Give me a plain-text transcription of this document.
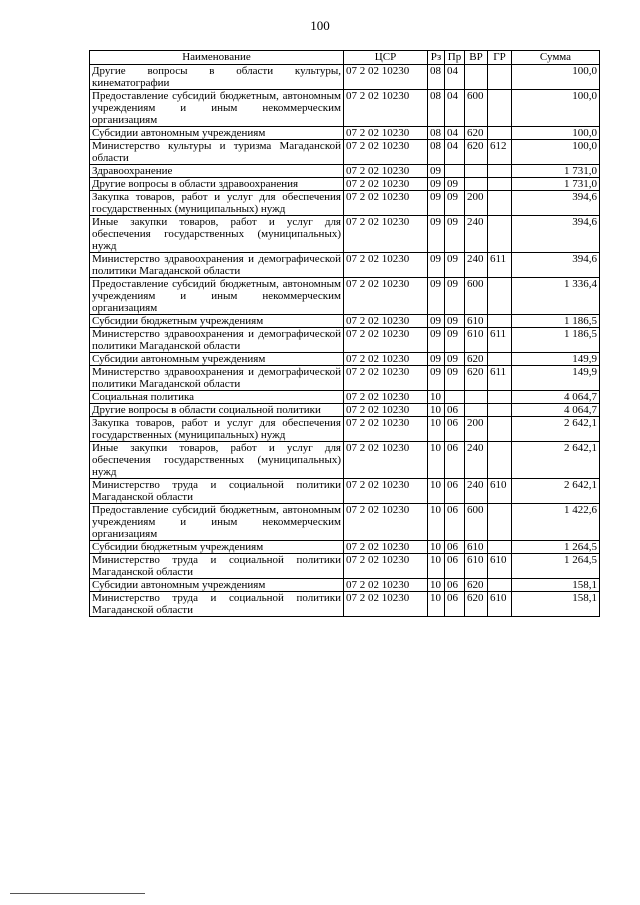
100
Наименование	ЦСР	Рз	Пр	ВР	ГР	Сумма
Другие вопросы в области культуры, кинематографии	07 2 02 10230	08	04			100,0
Предоставление субсидий бюджетным, автономным учреждениям и иным некоммерческим организациям	07 2 02 10230	08	04	600		100,0
Субсидии автономным учреждениям	07 2 02 10230	08	04	620		100,0
Министерство культуры и туризма Магаданской области	07 2 02 10230	08	04	620	612	100,0
Здравоохранение	07 2 02 10230	09				1 731,0
Другие вопросы в области здравоохранения	07 2 02 10230	09	09			1 731,0
Закупка товаров, работ и услуг для обеспечения государственных (муниципальных) нужд	07 2 02 10230	09	09	200		394,6
Иные закупки товаров, работ и услуг для обеспечения государственных (муниципальных) нужд	07 2 02 10230	09	09	240		394,6
Министерство здравоохранения и демографической политики Магаданской области	07 2 02 10230	09	09	240	611	394,6
Предоставление субсидий бюджетным, автономным учреждениям и иным некоммерческим организациям	07 2 02 10230	09	09	600		1 336,4
Субсидии бюджетным учреждениям	07 2 02 10230	09	09	610		1 186,5
Министерство здравоохранения и демографической политики Магаданской области	07 2 02 10230	09	09	610	611	1 186,5
Субсидии автономным учреждениям	07 2 02 10230	09	09	620		149,9
Министерство здравоохранения и демографической политики Магаданской области	07 2 02 10230	09	09	620	611	149,9
Социальная политика	07 2 02 10230	10				4 064,7
Другие вопросы в области социальной политики	07 2 02 10230	10	06			4 064,7
Закупка товаров, работ и услуг для обеспечения государственных (муниципальных) нужд	07 2 02 10230	10	06	200		2 642,1
Иные закупки товаров, работ и услуг для обеспечения государственных (муниципальных) нужд	07 2 02 10230	10	06	240		2 642,1
Министерство труда и социальной политики Магаданской области	07 2 02 10230	10	06	240	610	2 642,1
Предоставление субсидий бюджетным, автономным учреждениям и иным некоммерческим организациям	07 2 02 10230	10	06	600		1 422,6
Субсидии бюджетным учреждениям	07 2 02 10230	10	06	610		1 264,5
Министерство труда и социальной политики Магаданской области	07 2 02 10230	10	06	610	610	1 264,5
Субсидии автономным учреждениям	07 2 02 10230	10	06	620		158,1
Министерство труда и социальной политики Магаданской области	07 2 02 10230	10	06	620	610	158,1
